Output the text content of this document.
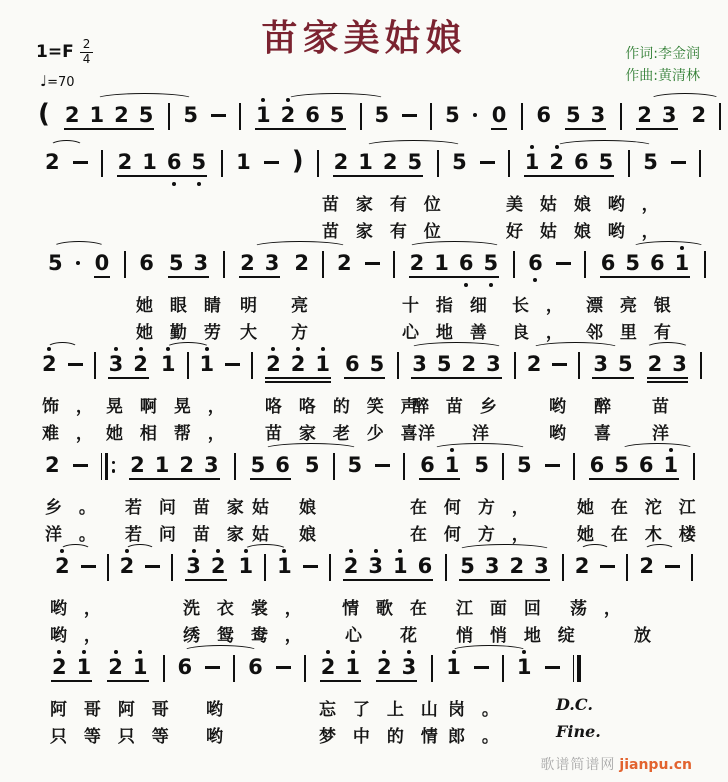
苗家美姑娘
$1=F \frac{2}{4}$
♩=70
作词:李金润
作曲:黄清林
( 2 1 2 5 5	1 2 6 5 5	5 0 6 5 3 2 3 2
2	2 1 6 5 1 ) 2 1 2 5 5	1 2 6 5 5
苗 家 有 位	美 姑 娘 哟 ，
苗 家 有 位	好 姑 娘 哟 ，
5 0 6 5 3 2 3 2 2	2 1 6 5 6	6 5 6 1
她 眼 睛 明 亮	十 指 细 长 ， 漂 亮 银
她 勤 劳 大 方	心 地 善 良 ， 邻 里 有
2 3 2 1 1 2 2 1 6 5 3 5 2 3 2 3 5 2 3
饰 ， 晃 啊 晃 ， 咯 咯 的 笑 声
醉 苗 乡	哟 醉 苗
难 ， 她 相 帮 ， 苗 家 老 少 喜 洋 洋	哟 喜 洋
2	2 1 2 3 5 6 5 5	6 1 5 5	6 5 6 1
乡 。 若 问 苗 家 姑 娘	在 何 方 ，	她 在 沱 江
洋 。 若 问 苗 家 姑 娘	在 何 方 ，	她 在 木 楼
2 2 3 2 1 1 2 3 1 6 5 3 2 3 2 2
哟 ，	洗 衣 裳 ， 情 歌 在 江 面 回 荡 ，
哟 ，	绣 鸳 鸯 ， 心 花 悄 悄 地 绽	放
2 1 2 1 6	6	2 1 2 3 1	1
阿 哥 阿 哥 哟	忘 了 上 山 岗 。	D.C.
只 等 只 等 哟	梦 中 的 情 郎 。	Fine.
歌谱简谱网 jianpu.cn
